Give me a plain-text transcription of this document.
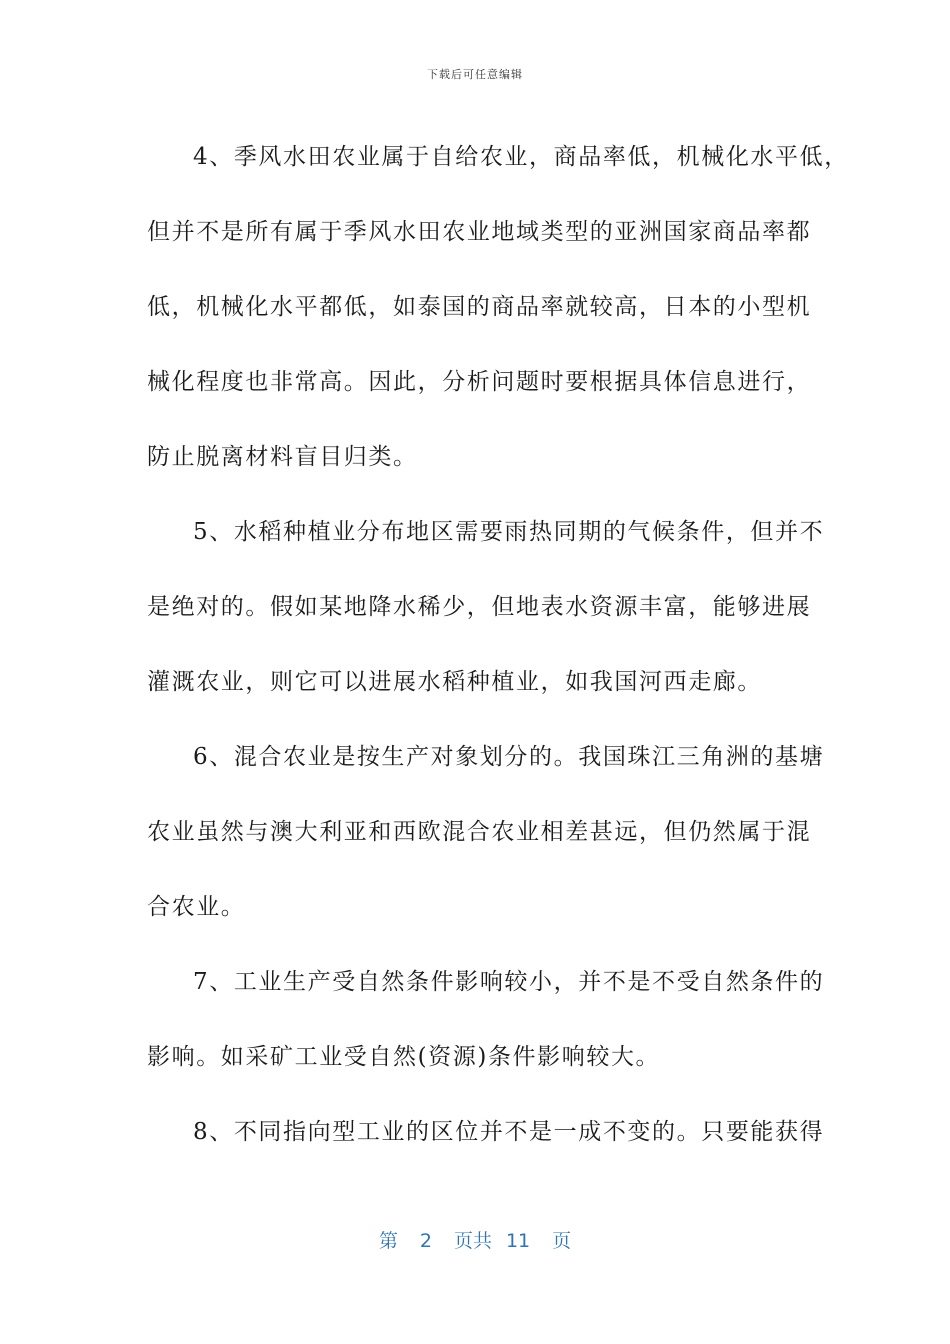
下载后可任意编辑

4、季风水田农业属于自给农业，商品率低，机械化水平低，

但并不是所有属于季风水田农业地域类型的亚洲国家商品率都

低，机械化水平都低，如泰国的商品率就较高，日本的小型机

械化程度也非常高。因此，分析问题时要根据具体信息进行，

防止脱离材料盲目归类。

5、水稻种植业分布地区需要雨热同期的气候条件，但并不

是绝对的。假如某地降水稀少，但地表水资源丰富，能够进展

灌溉农业，则它可以进展水稻种植业，如我国河西走廊。

6、混合农业是按生产对象划分的。我国珠江三角洲的基塘

农业虽然与澳大利亚和西欧混合农业相差甚远，但仍然属于混

合农业。

7、工业生产受自然条件影响较小，并不是不受自然条件的

影响。如采矿工业受自然(资源)条件影响较大。

8、不同指向型工业的区位并不是一成不变的。只要能获得

第 2 页共 11 页
